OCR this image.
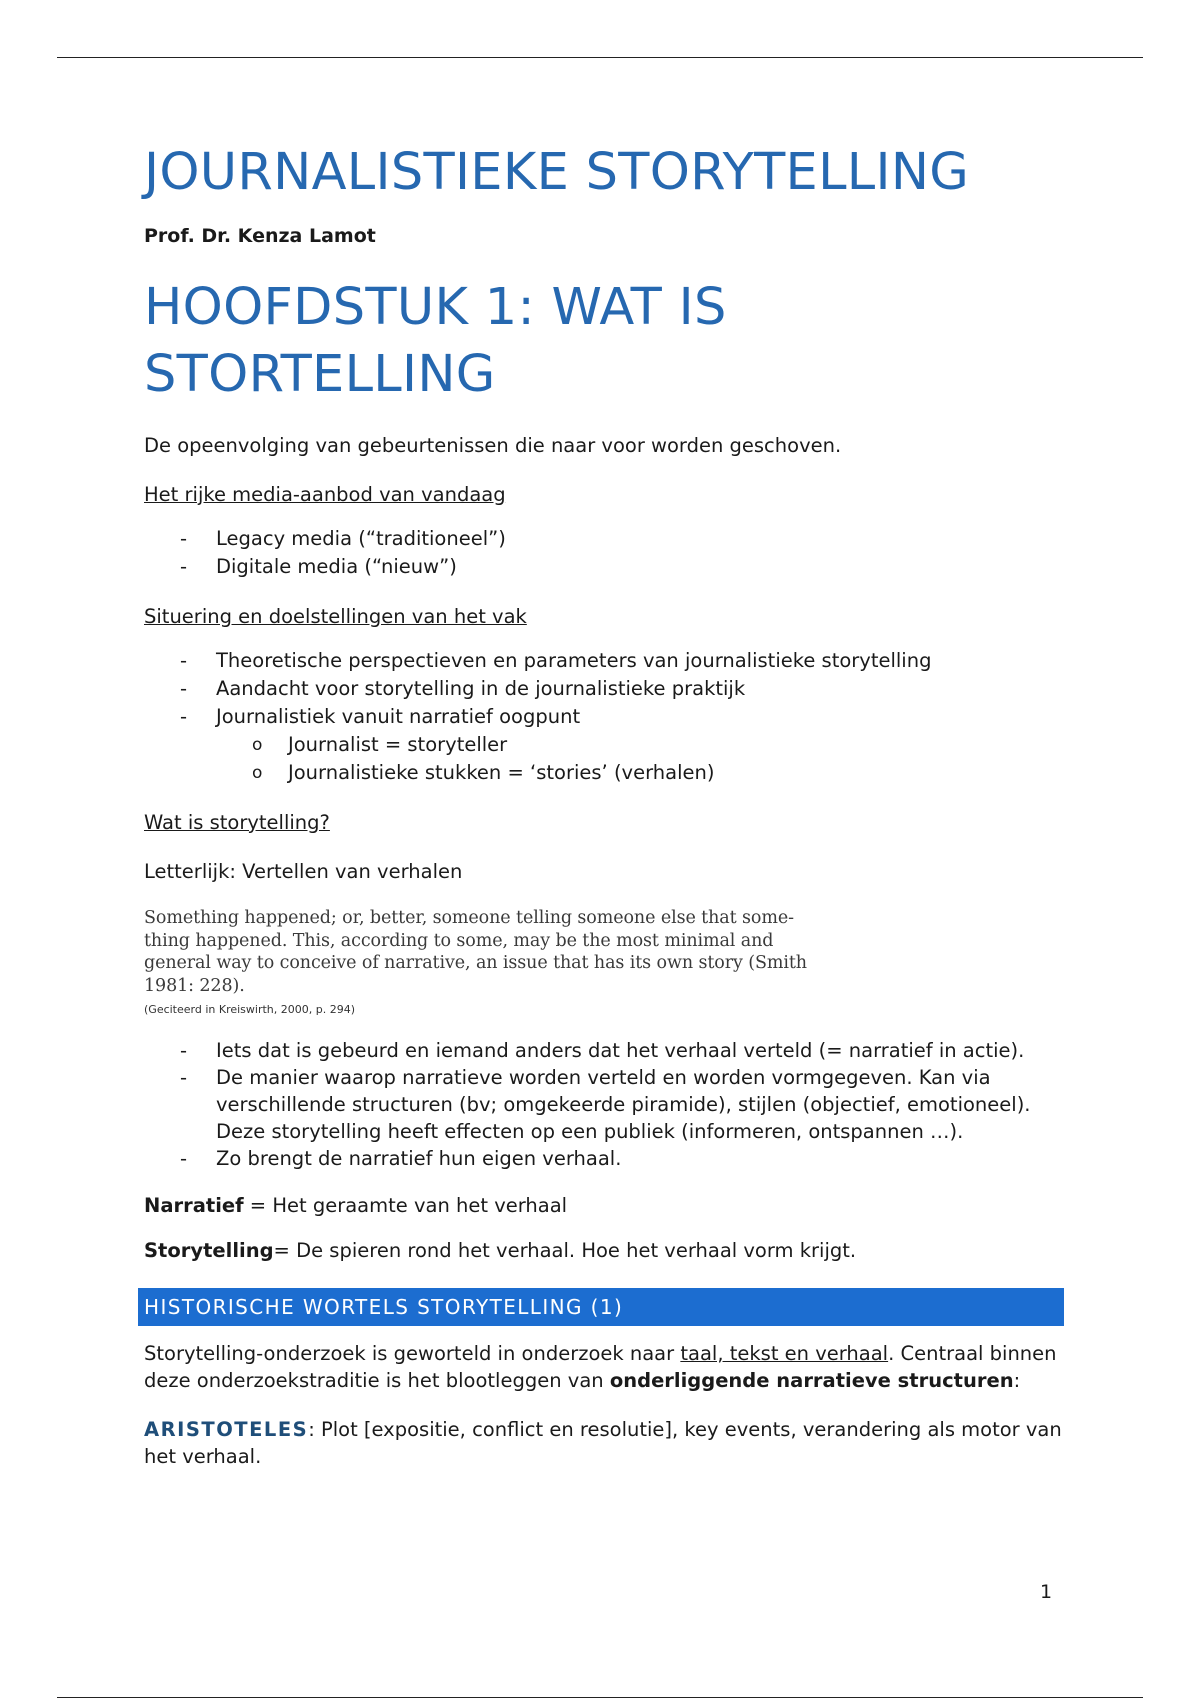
JOURNALISTIEKE STORYTELLING

Prof. Dr. Kenza Lamot

HOOFDSTUK 1: WAT IS STORTELLING

De opeenvolging van gebeurtenissen die naar voor worden geschoven.

Het rijke media-aanbod van vandaag

- Legacy media (“traditioneel”)
- Digitale media (“nieuw”)

Situering en doelstellingen van het vak

- Theoretische perspectieven en parameters van journalistieke storytelling
- Aandacht voor storytelling in de journalistieke praktijk
- Journalistiek vanuit narratief oogpunt
o Journalist = storyteller
o Journalistieke stukken = ‘stories’ (verhalen)

Wat is storytelling?

Letterlijk: Vertellen van verhalen

Something happened; or, better, someone telling someone else that some-thing happened. This, according to some, may be the most minimal and general way to conceive of narrative, an issue that has its own story (Smith 1981: 228).
(Geciteerd in Kreiswirth, 2000, p. 294)
- Iets dat is gebeurd en iemand anders dat het verhaal verteld (= narratief in actie).
- De manier waarop narratieve worden verteld en worden vormgegeven. Kan via verschillende structuren (bv; omgekeerde piramide), stijlen (objectief, emotioneel). Deze storytelling heeft effecten op een publiek (informeren, ontspannen …).
- Zo brengt de narratief hun eigen verhaal.

Narratief = Het geraamte van het verhaal

Storytelling= De spieren rond het verhaal. Hoe het verhaal vorm krijgt.

HISTORISCHE WORTELS STORYTELLING (1)

Storytelling-onderzoek is geworteld in onderzoek naar taal, tekst en verhaal. Centraal binnen deze onderzoekstraditie is het blootleggen van onderliggende narratieve structuren:

ARISTOTELES: Plot [expositie, conflict en resolutie], key events, verandering als motor van het verhaal.

1
